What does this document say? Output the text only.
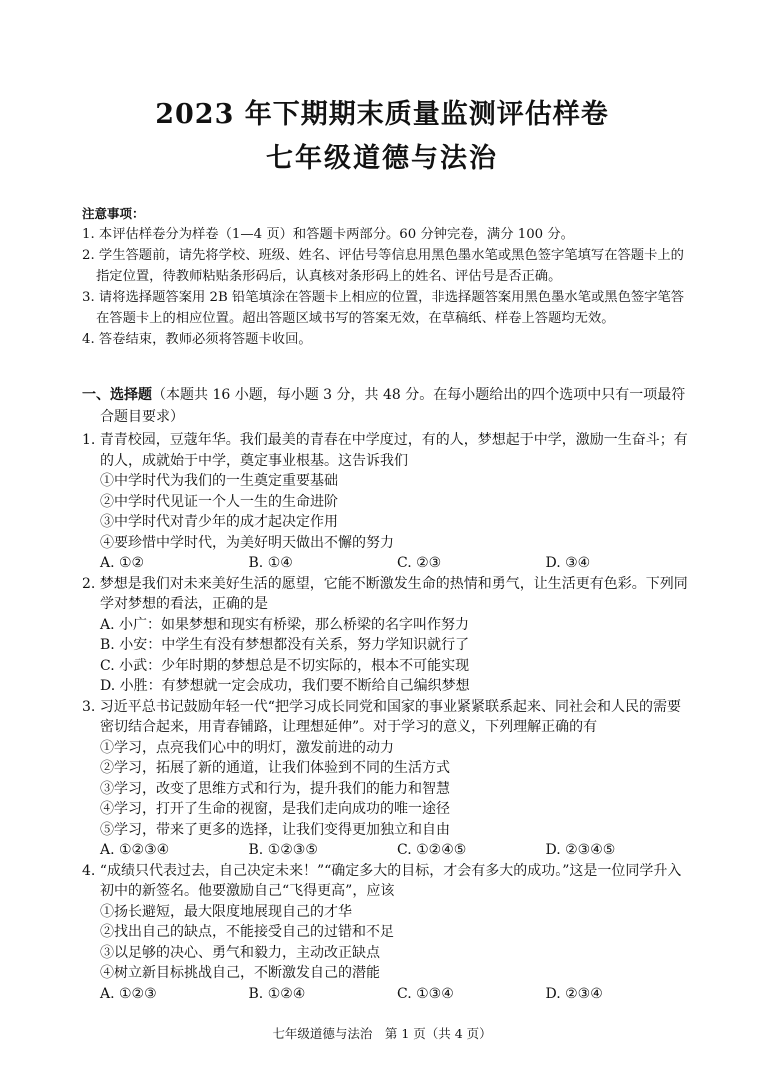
2023 年下期期末质量监测评估样卷
七年级道德与法治
注意事项：
1. 本评估样卷分为样卷（1—4 页）和答题卡两部分。60 分钟完卷，满分 100 分。
2. 学生答题前，请先将学校、班级、姓名、评估号等信息用黑色墨水笔或黑色签字笔填写在答题卡上的指定位置，待教师粘贴条形码后，认真核对条形码上的姓名、评估号是否正确。
3. 请将选择题答案用 2B 铅笔填涂在答题卡上相应的位置，非选择题答案用黑色墨水笔或黑色签字笔答在答题卡上的相应位置。超出答题区域书写的答案无效，在草稿纸、样卷上答题均无效。
4. 答卷结束，教师必须将答题卡收回。
一、选择题（本题共 16 小题，每小题 3 分，共 48 分。在每小题给出的四个选项中只有一项最符合题目要求）
1. 青青校园，豆蔻年华。我们最美的青春在中学度过，有的人，梦想起于中学，激励一生奋斗；有的人，成就始于中学，奠定事业根基。这告诉我们
①中学时代为我们的一生奠定重要基础
②中学时代见证一个人一生的生命进阶
③中学时代对青少年的成才起决定作用
④要珍惜中学时代，为美好明天做出不懈的努力
A. ①②	B. ①④	C. ②③	D. ③④
2. 梦想是我们对未来美好生活的愿望，它能不断激发生命的热情和勇气，让生活更有色彩。下列同学对梦想的看法，正确的是
A. 小广：如果梦想和现实有桥梁，那么桥梁的名字叫作努力
B. 小安：中学生有没有梦想都没有关系，努力学知识就行了
C. 小武：少年时期的梦想总是不切实际的，根本不可能实现
D. 小胜：有梦想就一定会成功，我们要不断给自己编织梦想
3. 习近平总书记鼓励年轻一代“把学习成长同党和国家的事业紧紧联系起来、同社会和人民的需要密切结合起来，用青春铺路，让理想延伸”。对于学习的意义，下列理解正确的有
①学习，点亮我们心中的明灯，激发前进的动力
②学习，拓展了新的通道，让我们体验到不同的生活方式
③学习，改变了思维方式和行为，提升我们的能力和智慧
④学习，打开了生命的视窗，是我们走向成功的唯一途径
⑤学习，带来了更多的选择，让我们变得更加独立和自由
A. ①②③④	B. ①②③⑤	C. ①②④⑤	D. ②③④⑤
4. “成绩只代表过去，自己决定未来！”“确定多大的目标，才会有多大的成功。”这是一位同学升入初中的新签名。他要激励自己“飞得更高”，应该
①扬长避短，最大限度地展现自己的才华
②找出自己的缺点，不能接受自己的过错和不足
③以足够的决心、勇气和毅力，主动改正缺点
④树立新目标挑战自己，不断激发自己的潜能
A. ①②③	B. ①②④	C. ①③④	D. ②③④
七年级道德与法治　第 1 页（共 4 页）
